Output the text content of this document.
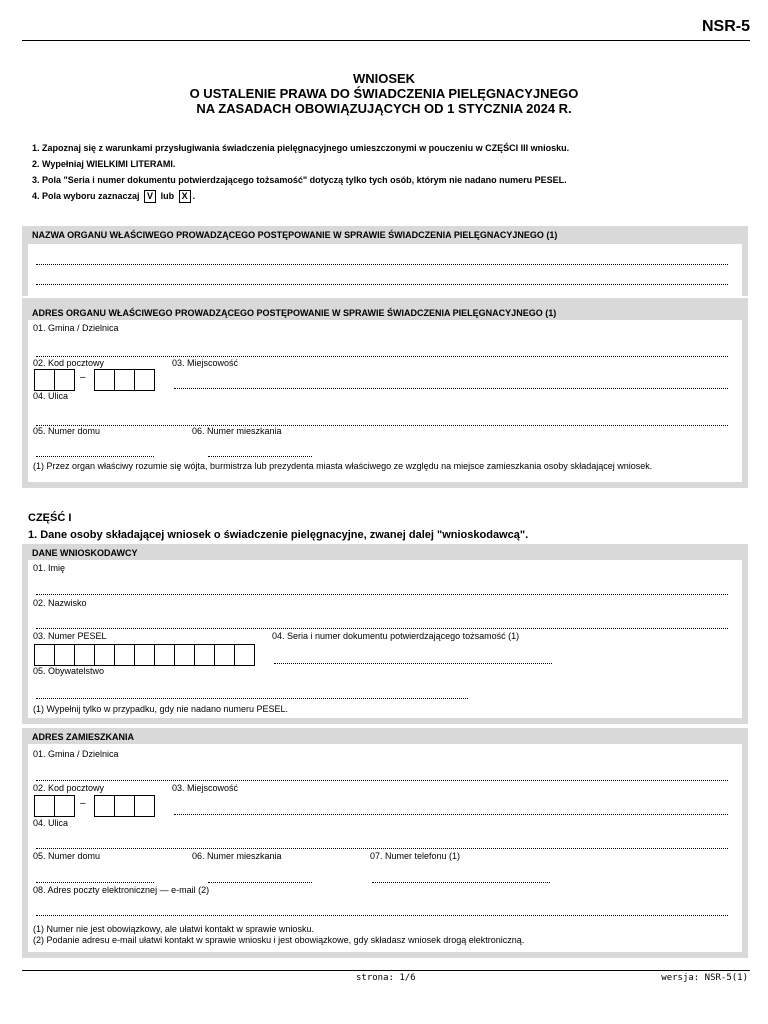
NSR-5
WNIOSEK
O USTALENIE PRAWA DO ŚWIADCZENIA PIELĘGNACYJNEGO
NA ZASADACH OBOWIĄZUJĄCYCH OD 1 STYCZNIA 2024 R.
1. Zapoznaj się z warunkami przysługiwania świadczenia pielęgnacyjnego umieszczonymi w pouczeniu w CZĘŚCI III wniosku.
2. Wypełniaj WIELKIMI LITERAMI.
3. Pola "Seria i numer dokumentu potwierdzającego tożsamość" dotyczą tylko tych osób, którym nie nadano numeru PESEL.
4. Pola wyboru zaznaczaj V lub X .
NAZWA ORGANU WŁAŚCIWEGO PROWADZĄCEGO POSTĘPOWANIE W SPRAWIE ŚWIADCZENIA PIELĘGNACYJNEGO (1)
ADRES ORGANU WŁAŚCIWEGO PROWADZĄCEGO POSTĘPOWANIE W SPRAWIE ŚWIADCZENIA PIELĘGNACYJNEGO (1)
01. Gmina / Dzielnica
02. Kod pocztowy	03. Miejscowość
–
04. Ulica
05. Numer domu	06. Numer mieszkania
(1) Przez organ właściwy rozumie się wójta, burmistrza lub prezydenta miasta właściwego ze względu na miejsce zamieszkania osoby składającej wniosek.
CZĘŚĆ I
1. Dane osoby składającej wniosek o świadczenie pielęgnacyjne, zwanej dalej "wnioskodawcą".
DANE WNIOSKODAWCY
01. Imię
02. Nazwisko
03. Numer PESEL	04. Seria i numer dokumentu potwierdzającego tożsamość (1)
05. Obywatelstwo
(1) Wypełnij tylko w przypadku, gdy nie nadano numeru PESEL.
ADRES ZAMIESZKANIA
01. Gmina / Dzielnica
02. Kod pocztowy	03. Miejscowość
–
04. Ulica
05. Numer domu	06. Numer mieszkania	07. Numer telefonu (1)
08. Adres poczty elektronicznej — e-mail (2)
(1) Numer nie jest obowiązkowy, ale ułatwi kontakt w sprawie wniosku.
(2) Podanie adresu e-mail ułatwi kontakt w sprawie wniosku i jest obowiązkowe, gdy składasz wniosek drogą elektroniczną.
strona: 1/6	wersja: NSR-5(1)
